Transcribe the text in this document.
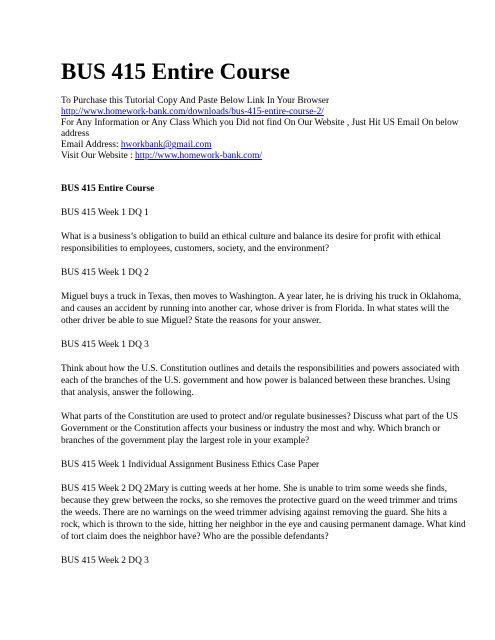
BUS 415 Entire Course
To Purchase this Tutorial Copy And Paste Below Link In Your Browser
http://www.homework-bank.com/downloads/bus-415-entire-course-2/
For Any Information or Any Class Which you Did not find On Our Website , Just Hit US Email On below address
Email Address: hworkbank@gmail.com
Visit Our Website : http://www.homework-bank.com/

BUS 415 Entire Course

BUS 415 Week 1 DQ 1

What is a business’s obligation to build an ethical culture and balance its desire for profit with ethical responsibilities to employees, customers, society, and the environment?

BUS 415 Week 1 DQ 2

Miguel buys a truck in Texas, then moves to Washington. A year later, he is driving his truck in Oklahoma, and causes an accident by running into another car, whose driver is from Florida. In what states will the other driver be able to sue Miguel? State the reasons for your answer.

BUS 415 Week 1 DQ 3

Think about how the U.S. Constitution outlines and details the responsibilities and powers associated with each of the branches of the U.S. government and how power is balanced between these branches. Using that analysis, answer the following.

What parts of the Constitution are used to protect and/or regulate businesses? Discuss what part of the US Government or the Constitution affects your business or industry the most and why. Which branch or branches of the government play the largest role in your example?

BUS 415 Week 1 Individual Assignment Business Ethics Case Paper

BUS 415 Week 2 DQ 2Mary is cutting weeds at her home. She is unable to trim some weeds she finds, because they grew between the rocks, so she removes the protective guard on the weed trimmer and trims the weeds. There are no warnings on the weed trimmer advising against removing the guard. She hits a rock, which is thrown to the side, hitting her neighbor in the eye and causing permanent damage. What kind of tort claim does the neighbor have? Who are the possible defendants?

BUS 415 Week 2 DQ 3
